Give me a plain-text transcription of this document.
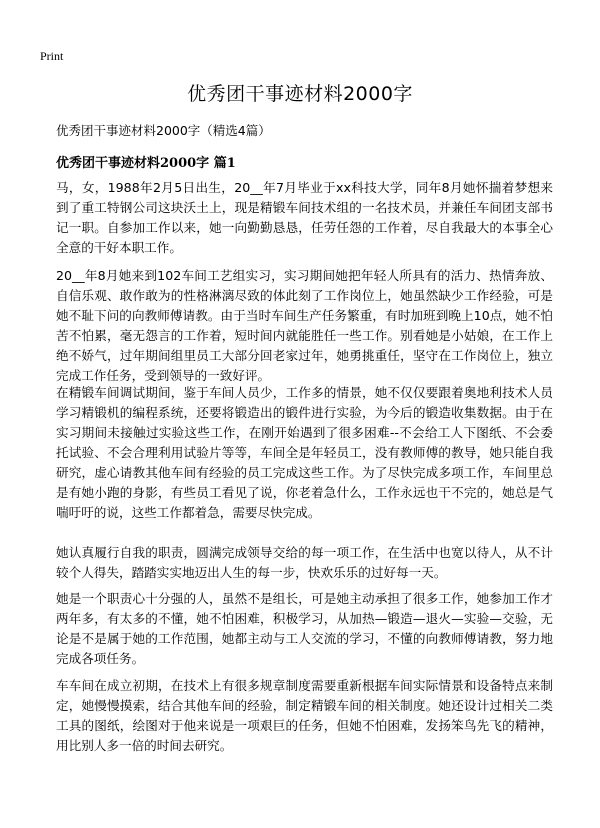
Print
优秀团干事迹材料2000字
优秀团干事迹材料2000字（精选4篇）
优秀团干事迹材料2000字 篇1

马，女，1988年2月5日出生，20__年7月毕业于xx科技大学，同年8月她怀揣着梦想来到了重工特钢公司这块沃土上，现是精锻车间技术组的一名技术员，并兼任车间团支部书记一职。自参加工作以来，她一向勤勤恳恳，任劳任怨的工作着，尽自我最大的本事全心全意的干好本职工作。

20__年8月她来到102车间工艺组实习，实习期间她把年轻人所具有的活力、热情奔放、自信乐观、敢作敢为的性格淋漓尽致的体此刻了工作岗位上，她虽然缺少工作经验，可是她不耻下问的向教师傅请教。由于当时车间生产任务繁重，有时加班到晚上10点，她不怕苦不怕累，毫无怨言的工作着，短时间内就能胜任一些工作。别看她是小姑娘，在工作上绝不娇气，过年期间组里员工大部分回老家过年，她勇挑重任，坚守在工作岗位上，独立完成工作任务，受到领导的一致好评。

在精锻车间调试期间，鉴于车间人员少，工作多的情景，她不仅仅要跟着奥地利技术人员学习精锻机的编程系统，还要将锻造出的锻件进行实验，为今后的锻造收集数据。由于在实习期间未接触过实验这些工作，在刚开始遇到了很多困难--不会给工人下图纸、不会委托试验、不会合理利用试验片等等，车间全是年轻员工，没有教师傅的教导，她只能自我研究，虚心请教其他车间有经验的员工完成这些工作。为了尽快完成多项工作，车间里总是有她小跑的身影，有些员工看见了说，你老着急什么，工作永远也干不完的，她总是气喘吁吁的说，这些工作都着急，需要尽快完成。

她认真履行自我的职责，圆满完成领导交给的每一项工作，在生活中也宽以待人，从不计较个人得失，踏踏实实地迈出人生的每一步，快欢乐乐的过好每一天。

她是一个职责心十分强的人，虽然不是组长，可是她主动承担了很多工作，她参加工作才两年多，有太多的不懂，她不怕困难，积极学习，从加热—锻造—退火—实验—交验，无论是不是属于她的工作范围，她都主动与工人交流的学习，不懂的向教师傅请教，努力地完成各项任务。

车车间在成立初期，在技术上有很多规章制度需要重新根据车间实际情景和设备特点来制定，她慢慢摸索，结合其他车间的经验，制定精锻车间的相关制度。她还设计过相关二类工具的图纸，绘图对于他来说是一项艰巨的任务，但她不怕困难，发扬笨鸟先飞的精神，用比别人多一倍的时间去研究。
